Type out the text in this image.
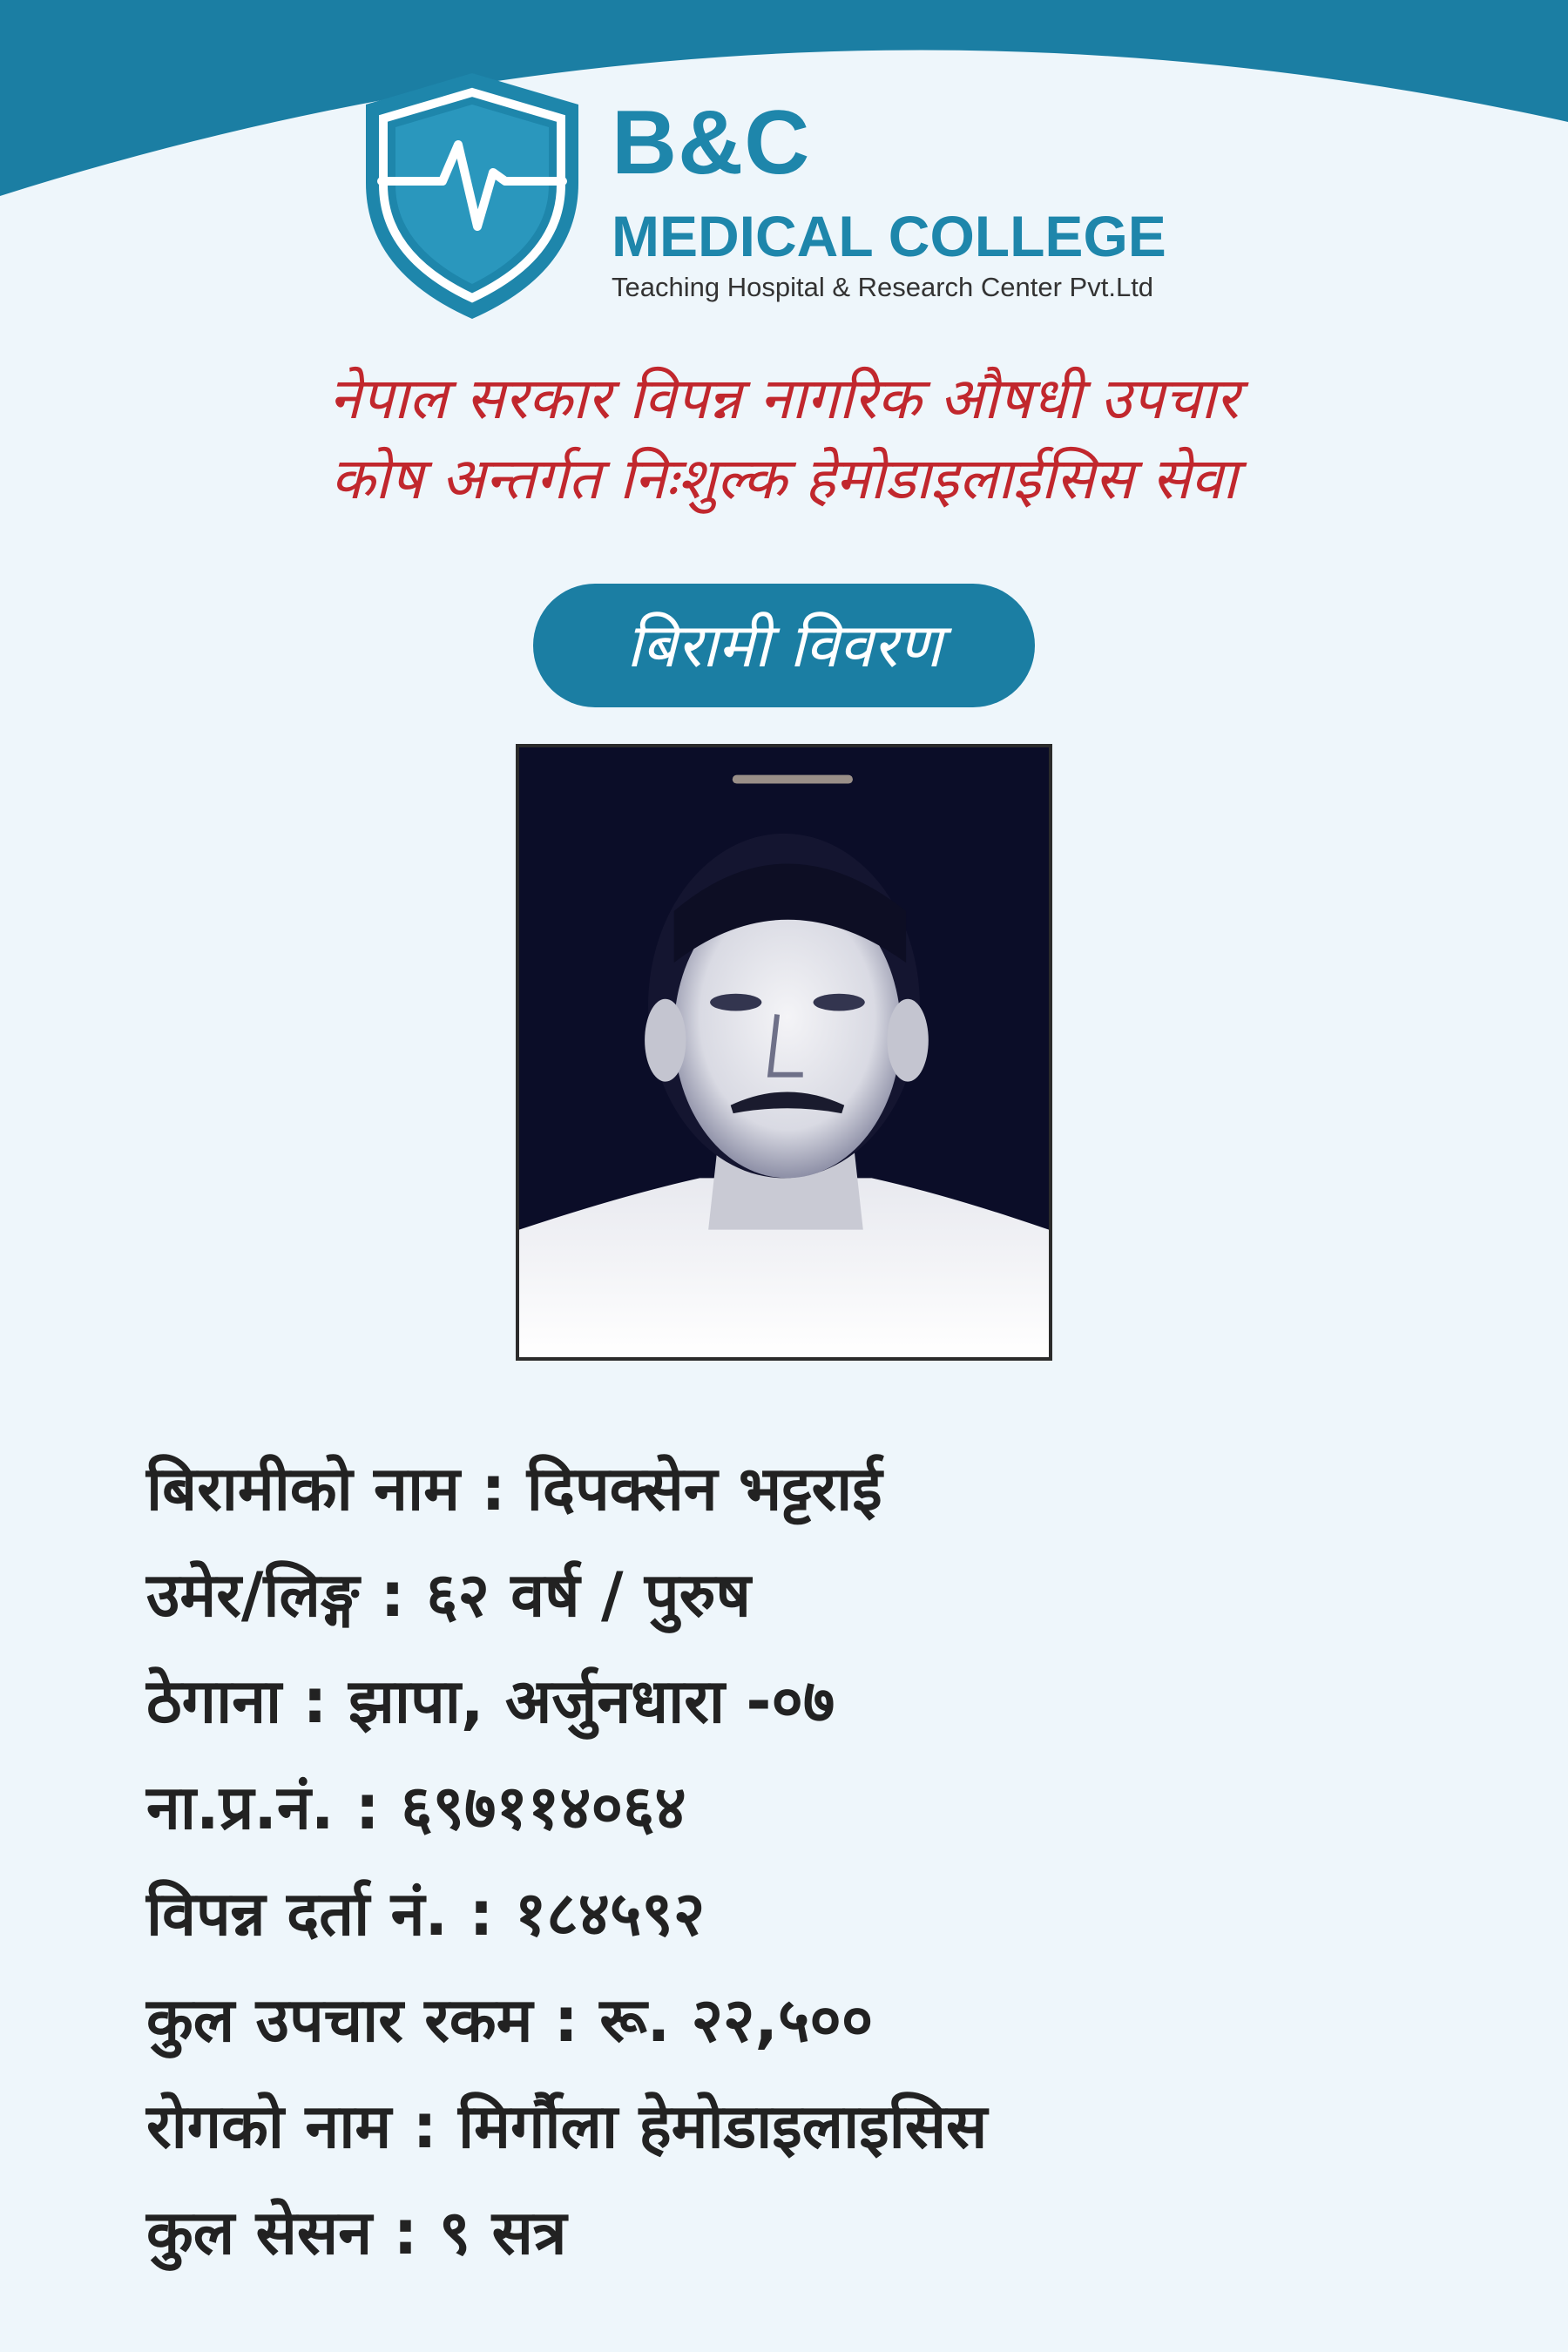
B&C
MEDICAL COLLEGE
Teaching Hospital & Research Center Pvt.Ltd
नेपाल सरकार विपन्न नागरिक औषधी उपचार
कोष अन्तर्गत निःशुल्क हेमोडाइलाईसिस सेवा
बिरामी विवरण
बिरामीको नाम : दिपक्सेन भट्टराई
उमेर/लिङ्ग : ६२ वर्ष / पुरुष
ठेगाना : झापा, अर्जुनधारा -०७
ना.प्र.नं. : ६९७११४०६४
विपन्न दर्ता नं. : १८४५९२
कुल उपचार रकम : रू. २२,५००
रोगको नाम : मिर्गौला हेमोडाइलाइसिस
कुल सेसन : ९ सत्र
